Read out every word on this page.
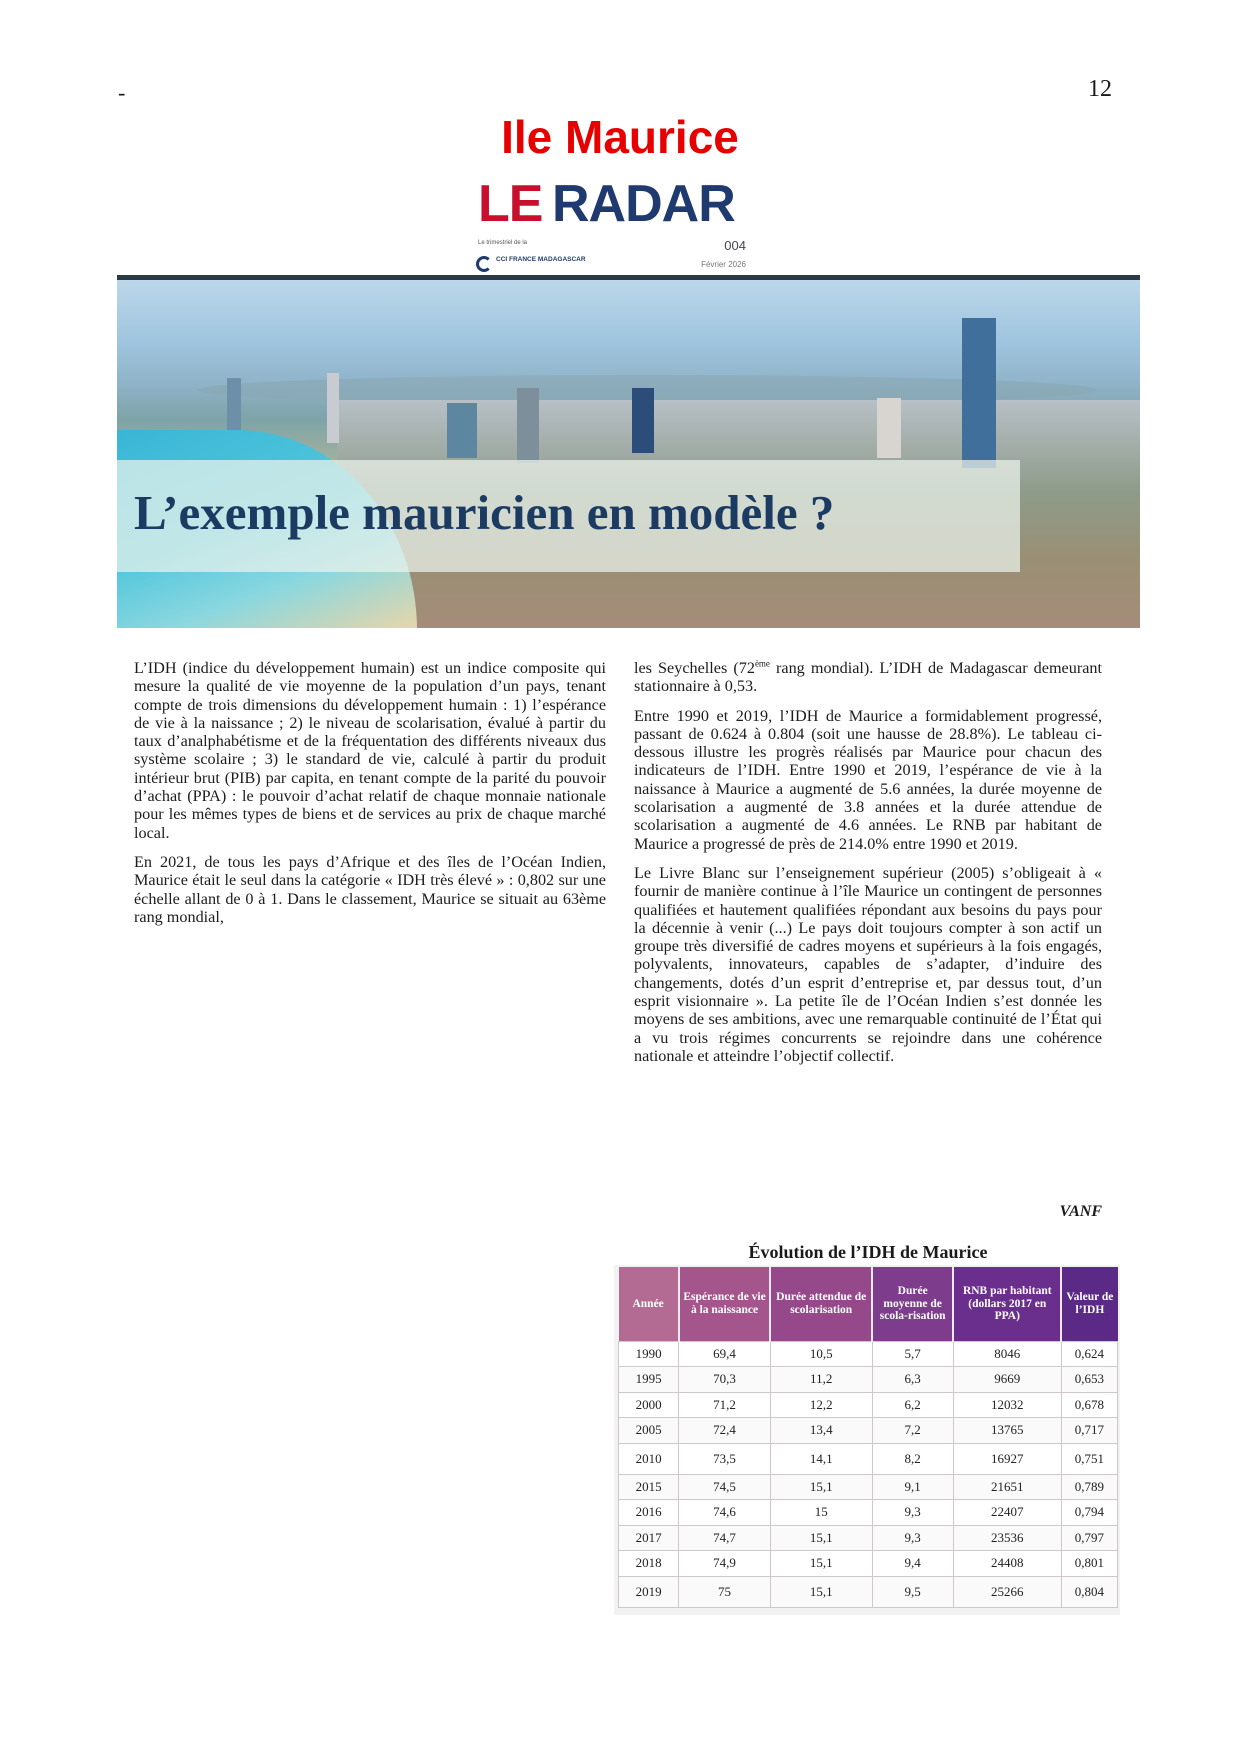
-	12
Ile Maurice
LE RADAR
Le trimestriel de la	004
CCI FRANCE MADAGASCAR
Février 2026
L’exemple mauricien en modèle ?

L’IDH (indice du développement humain) est un indice composite qui mesure la qualité de vie moyenne de la population d’un pays, tenant compte de trois dimensions du développement humain : 1) l’espérance de vie à la naissance ; 2) le niveau de scolarisation, évalué à partir du taux d’analphabétisme et de la fréquentation des différents niveaux dus système scolaire ; 3) le standard de vie, calculé à partir du produit intérieur brut (PIB) par capita, en tenant compte de la parité du pouvoir d’achat (PPA) : le pouvoir d’achat relatif de chaque monnaie nationale pour les mêmes types de biens et de services au prix de chaque marché local.

En 2021, de tous les pays d’Afrique et des îles de l’Océan Indien, Maurice était le seul dans la catégorie « IDH très élevé » : 0,802 sur une échelle allant de 0 à 1. Dans le classement, Maurice se situait au 63ème rang mondial,

les Seychelles (72ème rang mondial). L’IDH de Madagascar demeurant stationnaire à 0,53.

Entre 1990 et 2019, l’IDH de Maurice a formidablement progressé, passant de 0.624 à 0.804 (soit une hausse de 28.8%). Le tableau ci-dessous illustre les progrès réalisés par Maurice pour chacun des indicateurs de l’IDH. Entre 1990 et 2019, l’espérance de vie à la naissance à Maurice a augmenté de 5.6 années, la durée moyenne de scolarisation a augmenté de 3.8 années et la durée attendue de scolarisation a augmenté de 4.6 années. Le RNB par habitant de Maurice a progressé de près de 214.0% entre 1990 et 2019.

Le Livre Blanc sur l’enseignement supérieur (2005) s’obligeait à « fournir de manière continue à l’île Maurice un contingent de personnes qualifiées et hautement qualifiées répondant aux besoins du pays pour la décennie à venir (...) Le pays doit toujours compter à son actif un groupe très diversifié de cadres moyens et supérieurs à la fois engagés, polyvalents, innovateurs, capables de s’adapter, d’induire des changements, dotés d’un esprit d’entreprise et, par dessus tout, d’un esprit visionnaire ». La petite île de l’Océan Indien s’est donnée les moyens de ses ambitions, avec une remarquable continuité de l’État qui a vu trois régimes concurrents se rejoindre dans une cohérence nationale et atteindre l’objectif collectif.

VANF
Évolution de l’IDH de Maurice
Année	Espérance de vie à la naissance	Durée attendue de scolarisation	Durée moyenne de scola-risation	RNB par habitant (dollars 2017 en PPA)	Valeur de l’IDH
1990	69,4	10,5	5,7	8046	0,624
1995	70,3	11,2	6,3	9669	0,653
2000	71,2	12,2	6,2	12032	0,678
2005	72,4	13,4	7,2	13765	0,717
2010	73,5	14,1	8,2	16927	0,751
2015	74,5	15,1	9,1	21651	0,789
2016	74,6	15	9,3	22407	0,794
2017	74,7	15,1	9,3	23536	0,797
2018	74,9	15,1	9,4	24408	0,801
2019	75	15,1	9,5	25266	0,804
